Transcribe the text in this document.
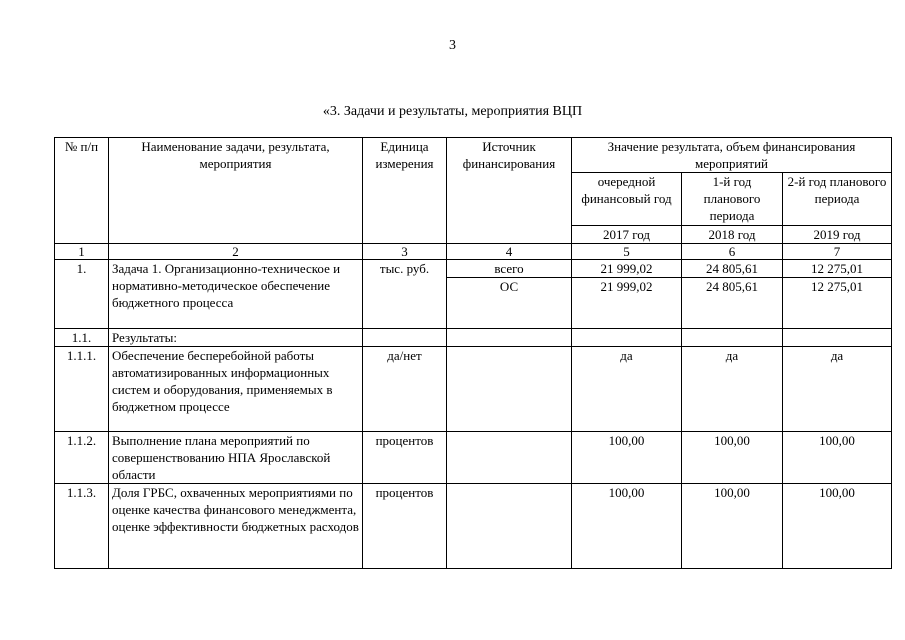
3
«3. Задачи и результаты, мероприятия ВЦП
№ п/п	Наименование задачи, результата, мероприятия	Единица измерения	Источник финансирования	Значение результата, объем финансирования мероприятий		
				очередной финансовый год	1-й год планового периода	2-й год планового периода
				2017 год	2018 год	2019 год
1	2	3	4	5	6	7
1.	Задача 1. Организационно-техническое и нормативно-методическое обеспечение бюджетного процесса	тыс. руб.	всего	21 999,02	24 805,61	12 275,01
			ОС	21 999,02	24 805,61	12 275,01
1.1.	Результаты:					
1.1.1.	Обеспечение бесперебойной работы автоматизированных информационных систем и оборудования, применяемых в бюджетном процессе	да/нет		да	да	да
1.1.2.	Выполнение плана мероприятий по совершенствованию НПА Ярославской области	процентов		100,00	100,00	100,00
1.1.3.	Доля ГРБС, охваченных мероприятиями по оценке качества финансового менеджмента, оценке эффективности бюджетных расходов	процентов		100,00	100,00	100,00
